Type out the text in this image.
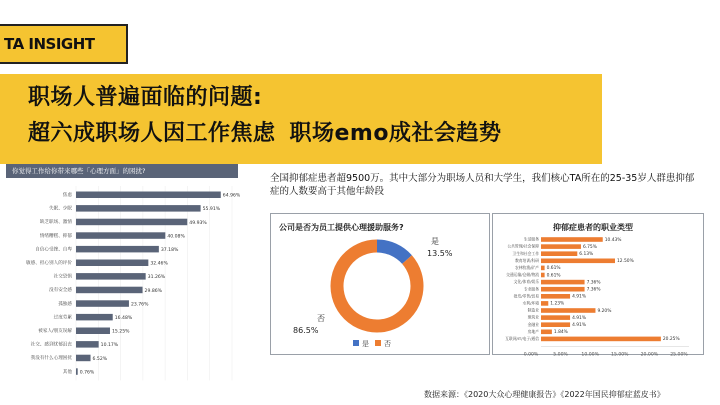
TA INSIGHT
职场人普遍面临的问题:
超六成职场人因工作焦虑 职场emo成社会趋势
你觉得工作给你带来哪些「心理方面」的困扰?
焦虑	64.96%
失眠、少眠	55.91%
缺乏职场、激情	49.93%
情绪糟糕、抑郁	40.08%
自信心受挫、自卑	37.18%
敏感、担心别人的评价	32.46%
社交恐惧	31.26%
没有安全感	29.86%
孤独感	23.76%
过度劳累	16.48%
被家人/朋友误解	15.25%
社交、感到忧郁沮丧	10.17%
我没有什么心理困扰	6.52%
其他 0.76%
全国抑郁症患者超9500万。其中大部分为职场人员和大学生，我们核心TA所在的25-35岁人群患抑郁症的人数要高于其他年龄段
公司是否为员工提供心理援助服务?
是
13.5%
否
86.5%
是 否
抑郁症患者的职业类型
生活服务	10.43%
公共管理/社会保障	6.75%
卫生和社会工作	6.13%
教育培训/科研	12.50%
农林牧渔/矿产 0.61%
交通运输/仓储/物流 0.61%
文化/体育/娱乐	7.36%
专业服务	7.36%
批发/零售/贸易	4.91%
水利/环境	1.23%
制造业	9.20%
建筑业	4.91%
金融业	4.91%
房地产	1.84%
互联网/IT/电子/通信	20.25%
0.00%	5.00%	10.00%	15.00%	20.00%	25.00%
数据来源：《2020大众心理健康报告》《2022年国民抑郁症蓝皮书》
